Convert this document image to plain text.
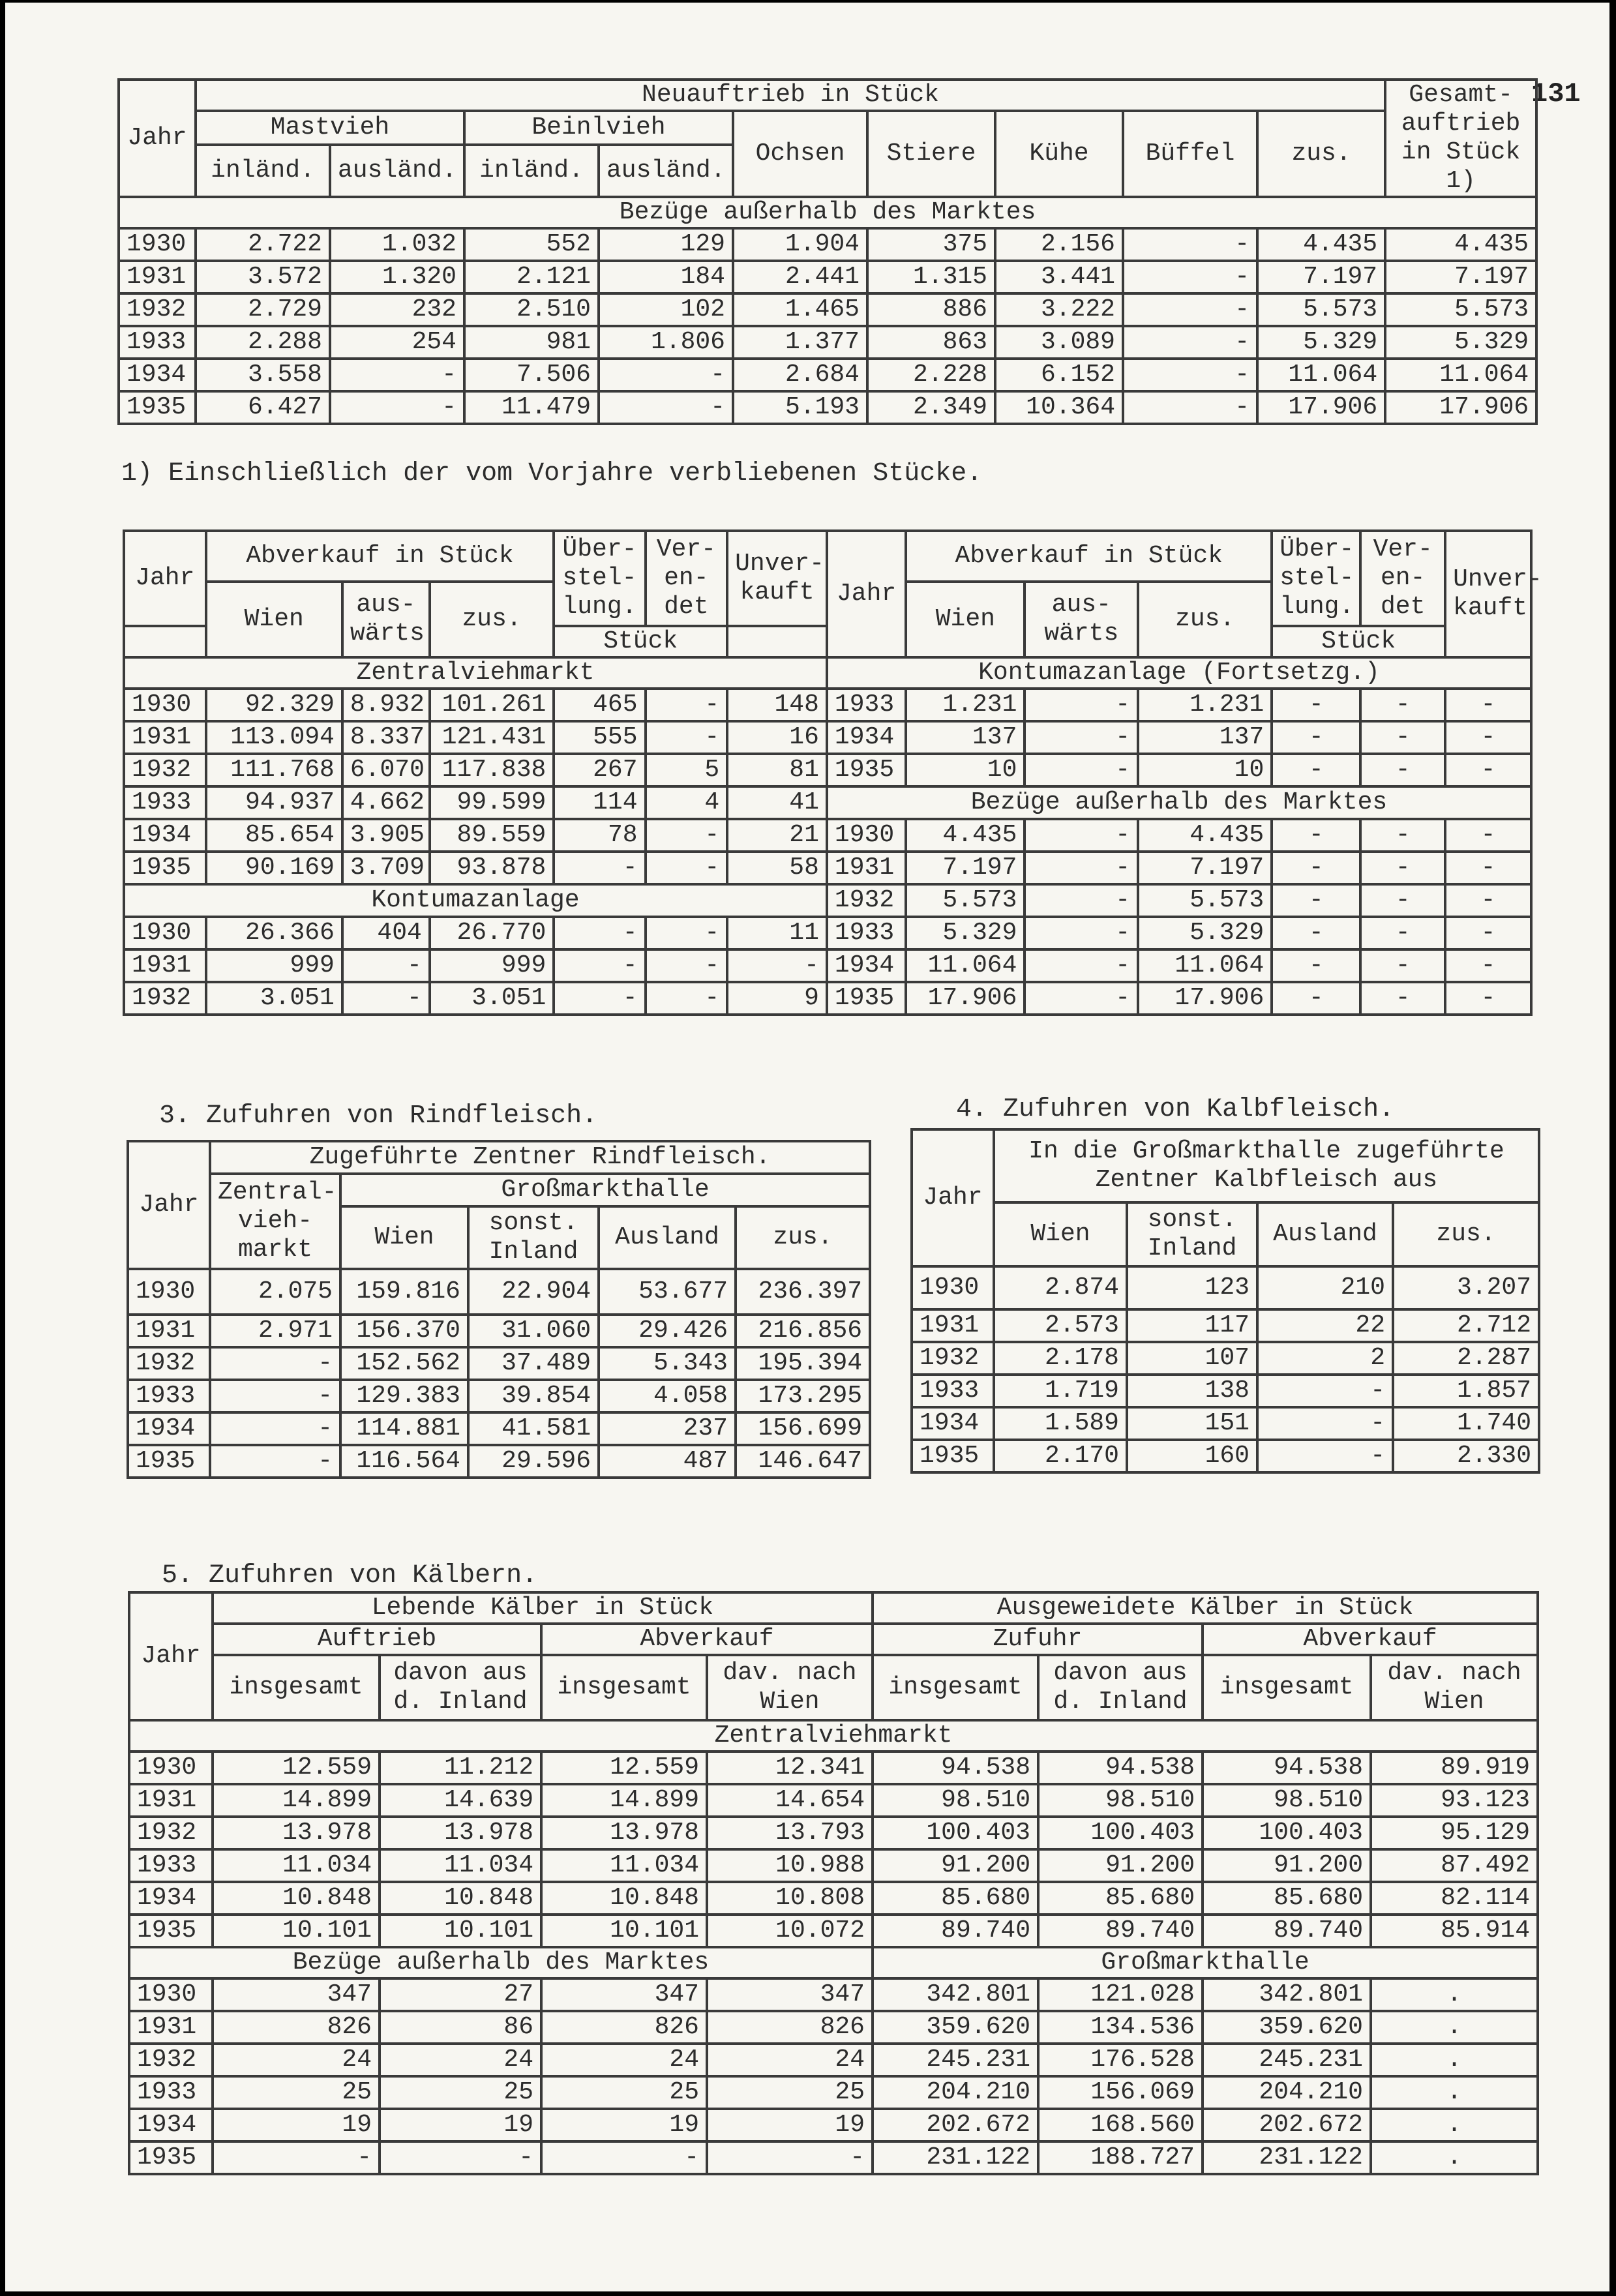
131
Jahr	Neuauftrieb in Stück									Gesamt-auftrieb in Stück 1)
	Mastvieh		Beinlvieh		Ochsen	Stiere	Kühe	Büffel	zus.	
	inländ.	ausländ.	inländ.	ausländ.						
Bezüge außerhalb des Marktes										
1930	2.722	1.032	552	129	1.904	375	2.156	-	4.435	4.435
1931	3.572	1.320	2.121	184	2.441	1.315	3.441	-	7.197	7.197
1932	2.729	232	2.510	102	1.465	886	3.222	-	5.573	5.573
1933	2.288	254	981	1.806	1.377	863	3.089	-	5.329	5.329
1934	3.558	-	7.506	-	2.684	2.228	6.152	-	11.064	11.064
1935	6.427	-	11.479	-	5.193	2.349	10.364	-	17.906	17.906
1) Einschließlich der vom Vorjahre verbliebenen Stücke.
Jahr	Abverkauf in Stück			Über-stel-lung.	Ver-en-det	Unver-kauft	Jahr	Abverkauf in Stück			Über-stel-lung.	Ver-en-det	Unver-kauft
	Wien	aus-wärts	zus.					Wien	aus-wärts	zus.			
				Stück							Stück		
Zentralviehmarkt							Kontumazanlage (Fortsetzg.)						
1930	92.329	8.932	101.261	465	-	148	1933	1.231	-	1.231	-	-	-
1931	113.094	8.337	121.431	555	-	16	1934	137	-	137	-	-	-
1932	111.768	6.070	117.838	267	5	81	1935	10	-	10	-	-	-
1933	94.937	4.662	99.599	114	4	41	Bezüge außerhalb des Marktes						
1934	85.654	3.905	89.559	78	-	21	1930	4.435	-	4.435	-	-	-
1935	90.169	3.709	93.878	-	-	58	1931	7.197	-	7.197	-	-	-
Kontumazanlage							1932	5.573	-	5.573	-	-	-
1930	26.366	404	26.770	-	-	11	1933	5.329	-	5.329	-	-	-
1931	999	-	999	-	-	-	1934	11.064	-	11.064	-	-	-
1932	3.051	-	3.051	-	-	9	1935	17.906	-	17.906	-	-	-
3. Zufuhren von Rindfleisch.	4. Zufuhren von Kalbfleisch.
Jahr	Zugeführte Zentner Rindfleisch.				
	Zentral-vieh-markt	Großmarkthalle			
		Wien	sonst. Inland	Ausland	zus.
1930	2.075	159.816	22.904	53.677	236.397
1931	2.971	156.370	31.060	29.426	216.856
1932	-	152.562	37.489	5.343	195.394
1933	-	129.383	39.854	4.058	173.295
1934	-	114.881	41.581	237	156.699
1935	-	116.564	29.596	487	146.647
Jahr	In die Großmarkthalle zugeführte Zentner Kalbfleisch aus			
	Wien	sonst. Inland	Ausland	zus.
1930	2.874	123	210	3.207
1931	2.573	117	22	2.712
1932	2.178	107	2	2.287
1933	1.719	138	-	1.857
1934	1.589	151	-	1.740
1935	2.170	160	-	2.330
5. Zufuhren von Kälbern.
Jahr	Lebende Kälber in Stück				Ausgeweidete Kälber in Stück			
	Auftrieb		Abverkauf		Zufuhr		Abverkauf	
	insgesamt	davon aus d. Inland	insgesamt	dav. nach Wien	insgesamt	davon aus d. Inland	insgesamt	dav. nach Wien
Zentralviehmarkt								
1930	12.559	11.212	12.559	12.341	94.538	94.538	94.538	89.919
1931	14.899	14.639	14.899	14.654	98.510	98.510	98.510	93.123
1932	13.978	13.978	13.978	13.793	100.403	100.403	100.403	95.129
1933	11.034	11.034	11.034	10.988	91.200	91.200	91.200	87.492
1934	10.848	10.848	10.848	10.808	85.680	85.680	85.680	82.114
1935	10.101	10.101	10.101	10.072	89.740	89.740	89.740	85.914
Bezüge außerhalb des Marktes					Großmarkthalle			
1930	347	27	347	347	342.801	121.028	342.801	.
1931	826	86	826	826	359.620	134.536	359.620	.
1932	24	24	24	24	245.231	176.528	245.231	.
1933	25	25	25	25	204.210	156.069	204.210	.
1934	19	19	19	19	202.672	168.560	202.672	.
1935	-	-	-	-	231.122	188.727	231.122	.
